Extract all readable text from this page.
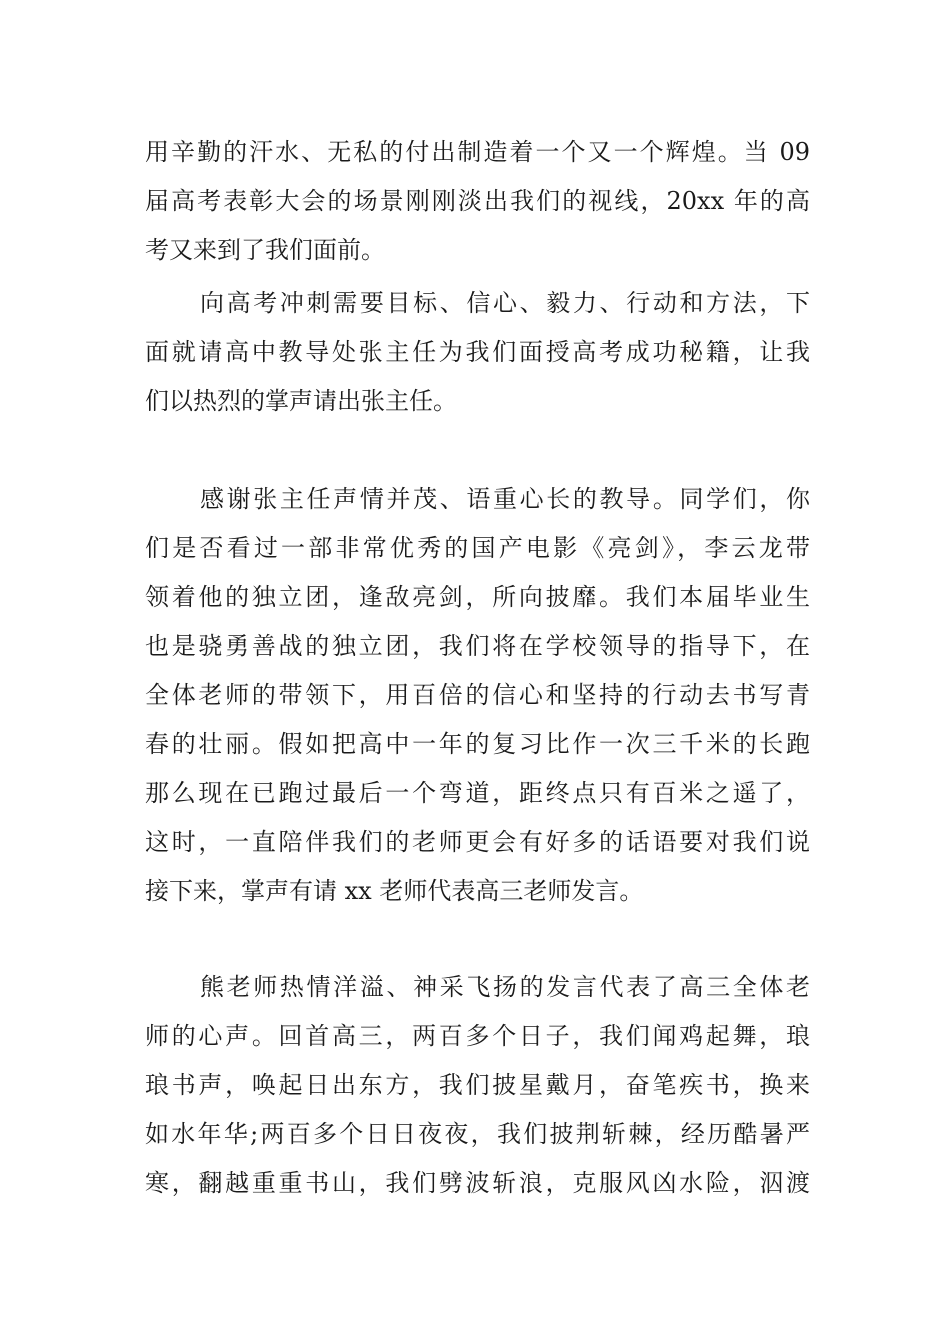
用辛勤的汗水、无私的付出制造着一个又一个辉煌。当 09
届高考表彰大会的场景刚刚淡出我们的视线，20xx 年的高
考又来到了我们面前。
向高考冲刺需要目标、信心、毅力、行动和方法，下
面就请高中教导处张主任为我们面授高考成功秘籍，让我
们以热烈的掌声请出张主任。
感谢张主任声情并茂、语重心长的教导。同学们，你
们是否看过一部非常优秀的国产电影《亮剑》，李云龙带
领着他的独立团，逢敌亮剑，所向披靡。我们本届毕业生
也是骁勇善战的独立团，我们将在学校领导的指导下，在
全体老师的带领下，用百倍的信心和坚持的行动去书写青
春的壮丽。假如把高中一年的复习比作一次三千米的长跑
那么现在已跑过最后一个弯道，距终点只有百米之遥了，
这时，一直陪伴我们的老师更会有好多的话语要对我们说
接下来，掌声有请 xx 老师代表高三老师发言。
熊老师热情洋溢、神采飞扬的发言代表了高三全体老
师的心声。回首高三，两百多个日子，我们闻鸡起舞，琅
琅书声，唤起日出东方，我们披星戴月，奋笔疾书，换来
如水年华;两百多个日日夜夜，我们披荆斩棘，经历酷暑严
寒，翻越重重书山，我们劈波斩浪，克服风凶水险，泅渡
